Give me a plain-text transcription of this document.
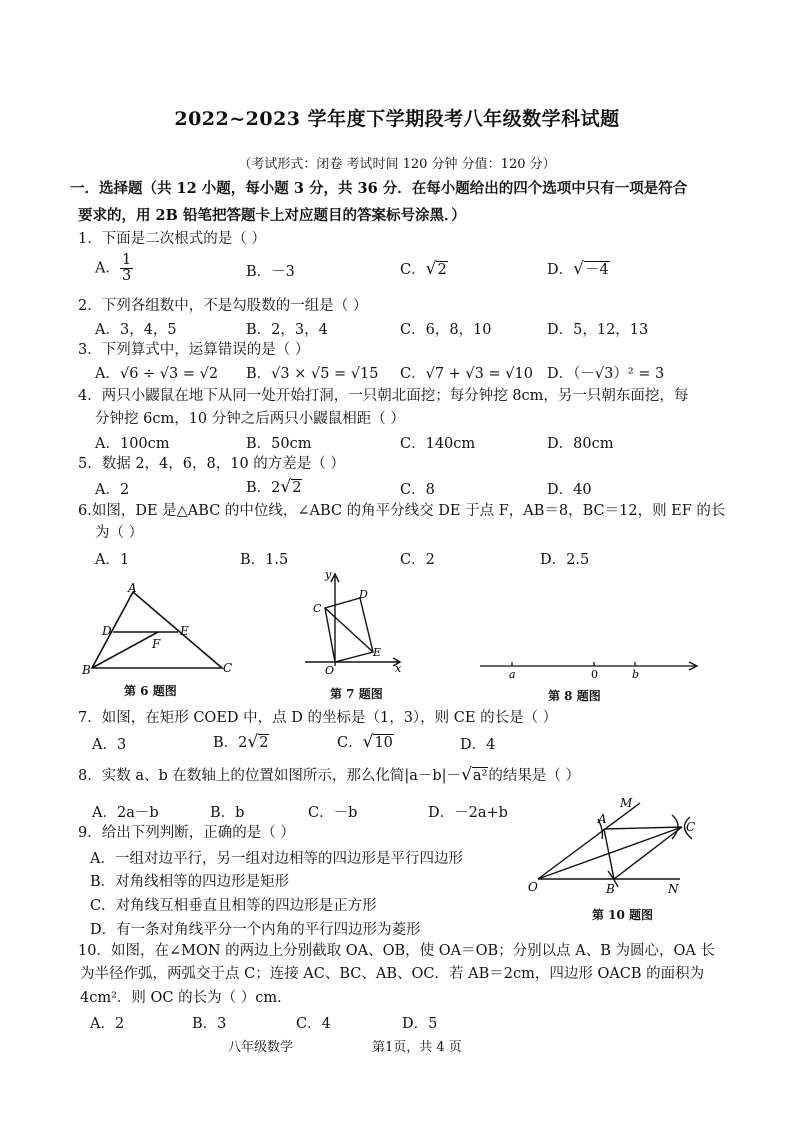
2022~2023 学年度下学期段考八年级数学科试题
（考试形式：闭卷 考试时间 120 分钟 分值：120 分）
一．选择题（共 12 小题，每小题 3 分，共 36 分．在每小题给出的四个选项中只有一项是符合
要求的，用 2B 铅笔把答题卡上对应题目的答案标号涂黑．）
1．下面是二次根式的是（ ）
A． $\frac{1}{3}$	B．－3	C．√2	D．√－4
2．下列各组数中，不是勾股数的一组是（ ）
A．3，4，5	B．2，3，4	C．6，8，10	D．5，12，13
3．下列算式中，运算错误的是（ ）
A．√6 ÷ √3 = √2 B．√3 × √5 = √15 C．√7 + √3 = √10 D．（－√3）² = 3
4．两只小鼹鼠在地下从同一处开始打洞，一只朝北面挖；每分钟挖 8cm，另一只朝东面挖，每
分钟挖 6cm，10 分钟之后两只小鼹鼠相距（ ）
A．100cm	B．50cm	C．140cm	D．80cm
5．数据 2，4，6，8，10 的方差是（ ）
A．2	B．2√2	C．8	D．40
6.如图，DE 是△ABC 的中位线，∠ABC 的角平分线交 DE 于点 F，AB＝8，BC＝12，则 EF 的长
为（ ）
A．1	B．1.5	C．2	D．2.5
A
B	C
D	E
F
第 6 题图
y
x
O
C
D
E
第 7 题图
a	0	b
第 8 题图
7．如图，在矩形 COED 中，点 D 的坐标是（1，3），则 CE 的长是（ ）
A．3	B．2√2	C．√10	D．4
8．实数 a、b 在数轴上的位置如图所示，那么化简|a－b|－√a²的结果是（ ）
A．2a－b	B．b	C．－b	D．－2a+b
9．给出下列判断，正确的是（ ）
A．一组对边平行，另一组对边相等的四边形是平行四边形
B．对角线相等的四边形是矩形
C．对角线互相垂直且相等的四边形是正方形
D．有一条对角线平分一个内角的平行四边形为菱形
M
A
C
O	B	N
第 10 题图
10．如图，在∠MON 的两边上分别截取 OA、OB，使 OA＝OB；分别以点 A、B 为圆心，OA 长
为半径作弧，两弧交于点 C；连接 AC、BC、AB、OC．若 AB＝2cm，四边形 OACB 的面积为
4cm²．则 OC 的长为（ ）cm．
A．2	B．3	C．4	D．5
八年级数学	第1页，共 4 页
